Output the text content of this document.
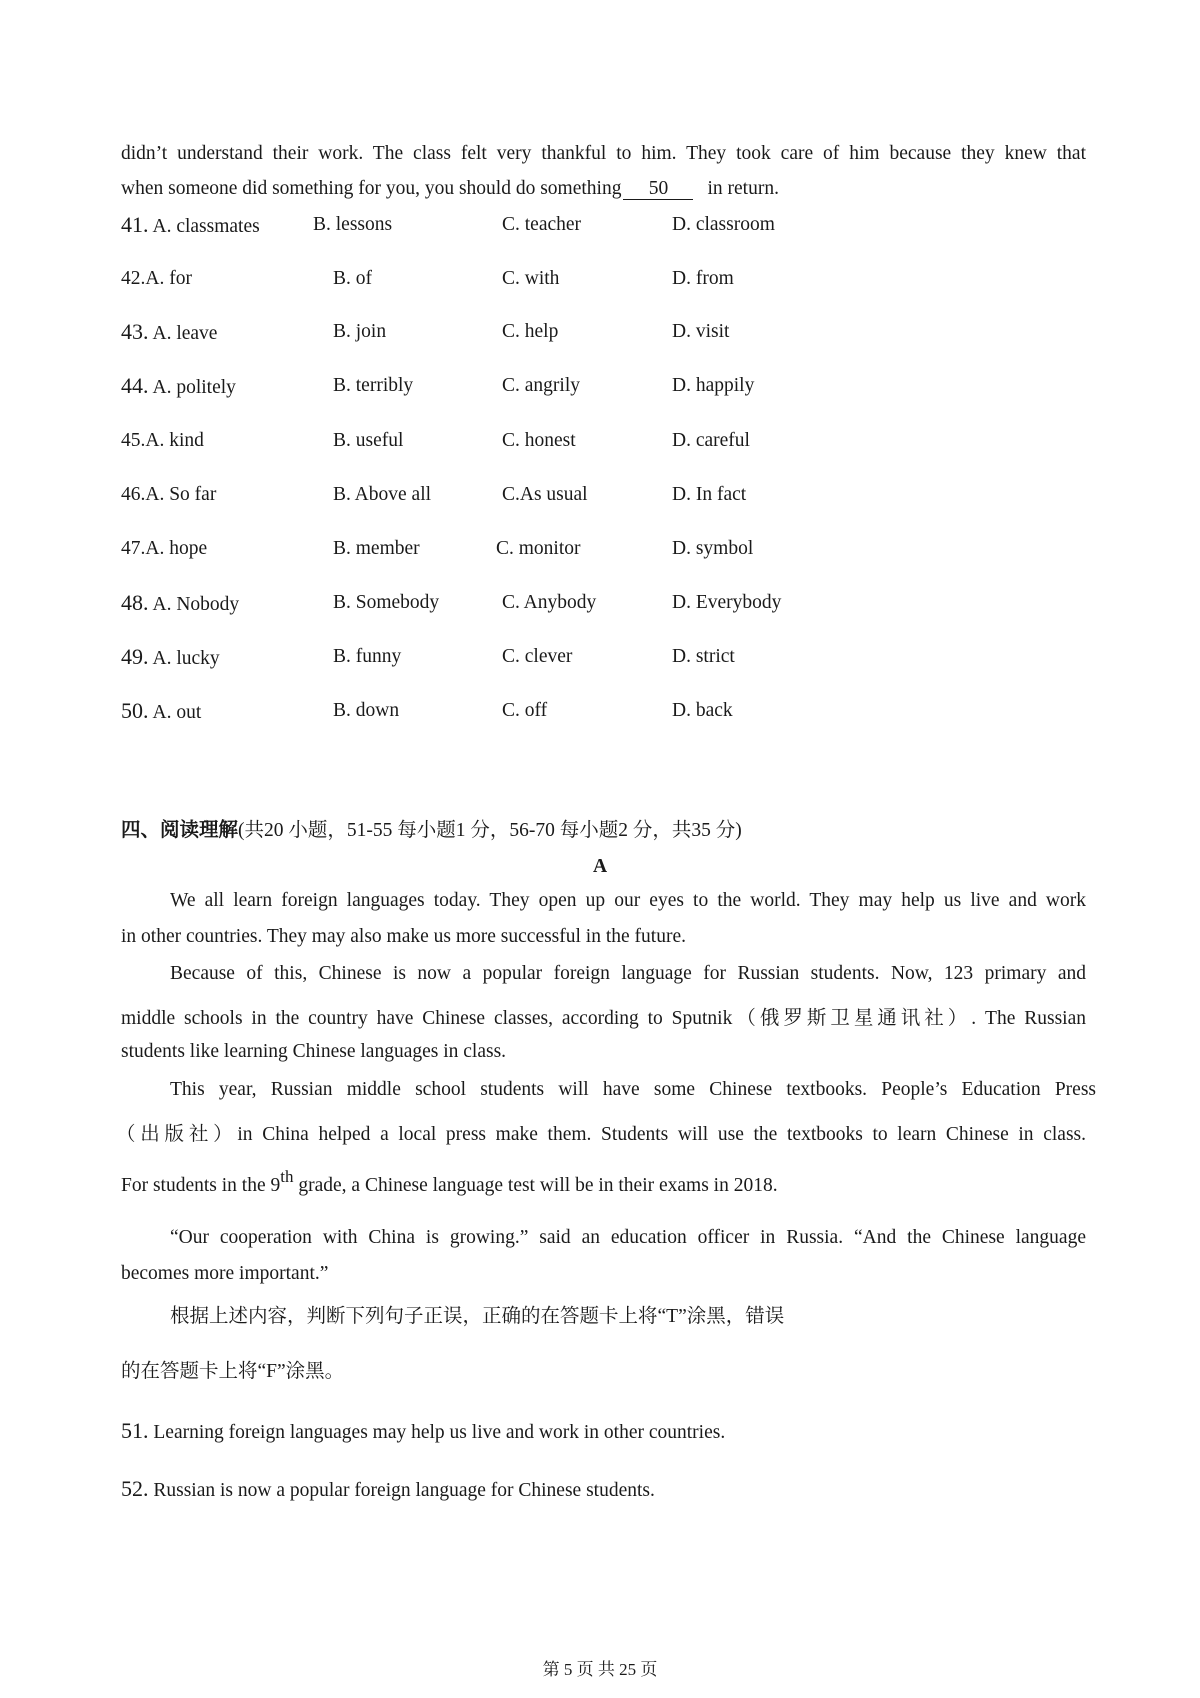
didn’t understand their work. The class felt very thankful to him. They took care of him because they knew that
when someone did something for you, you should do something 50 in return.
41. A. classmates	B. lessons	C. teacher	D. classroom
42.A. for	B. of	C. with	D. from
43. A. leave	B. join	C. help	D. visit
44. A. politely	B. terribly	C. angrily	D. happily
45.A. kind	B. useful	C. honest	D. careful
46.A. So far	B. Above all	C.As usual	D. In fact
47.A. hope	B. member	C. monitor	D. symbol
48. A. Nobody	B. Somebody	C. Anybody	D. Everybody
49. A. lucky	B. funny	C. clever	D. strict
50. A. out	B. down	C. off	D. back
四、阅读理解(共20 小题，51-55 每小题1 分，56-70 每小题2 分，共35 分)
A
We all learn foreign languages today. They open up our eyes to the world. They may help us live and work
in other countries. They may also make us more successful in the future.
Because of this, Chinese is now a popular foreign language for Russian students. Now, 123 primary and
middle schools in the country have Chinese classes, according to Sputnik（俄罗斯卫星通讯社）. The Russian
students like learning Chinese languages in class.
This year, Russian middle school students will have some Chinese textbooks. People’s Education Press
（出版社）in China helped a local press make them. Students will use the textbooks to learn Chinese in class.
For students in the 9th grade, a Chinese language test will be in their exams in 2018.
“Our cooperation with China is growing.” said an education officer in Russia. “And the Chinese language
becomes more important.”
根据上述内容，判断下列句子正误，正确的在答题卡上将“T”涂黑，错误
的在答题卡上将“F”涂黑。
51. Learning foreign languages may help us live and work in other countries.
52. Russian is now a popular foreign language for Chinese students.
第 5 页 共 25 页
